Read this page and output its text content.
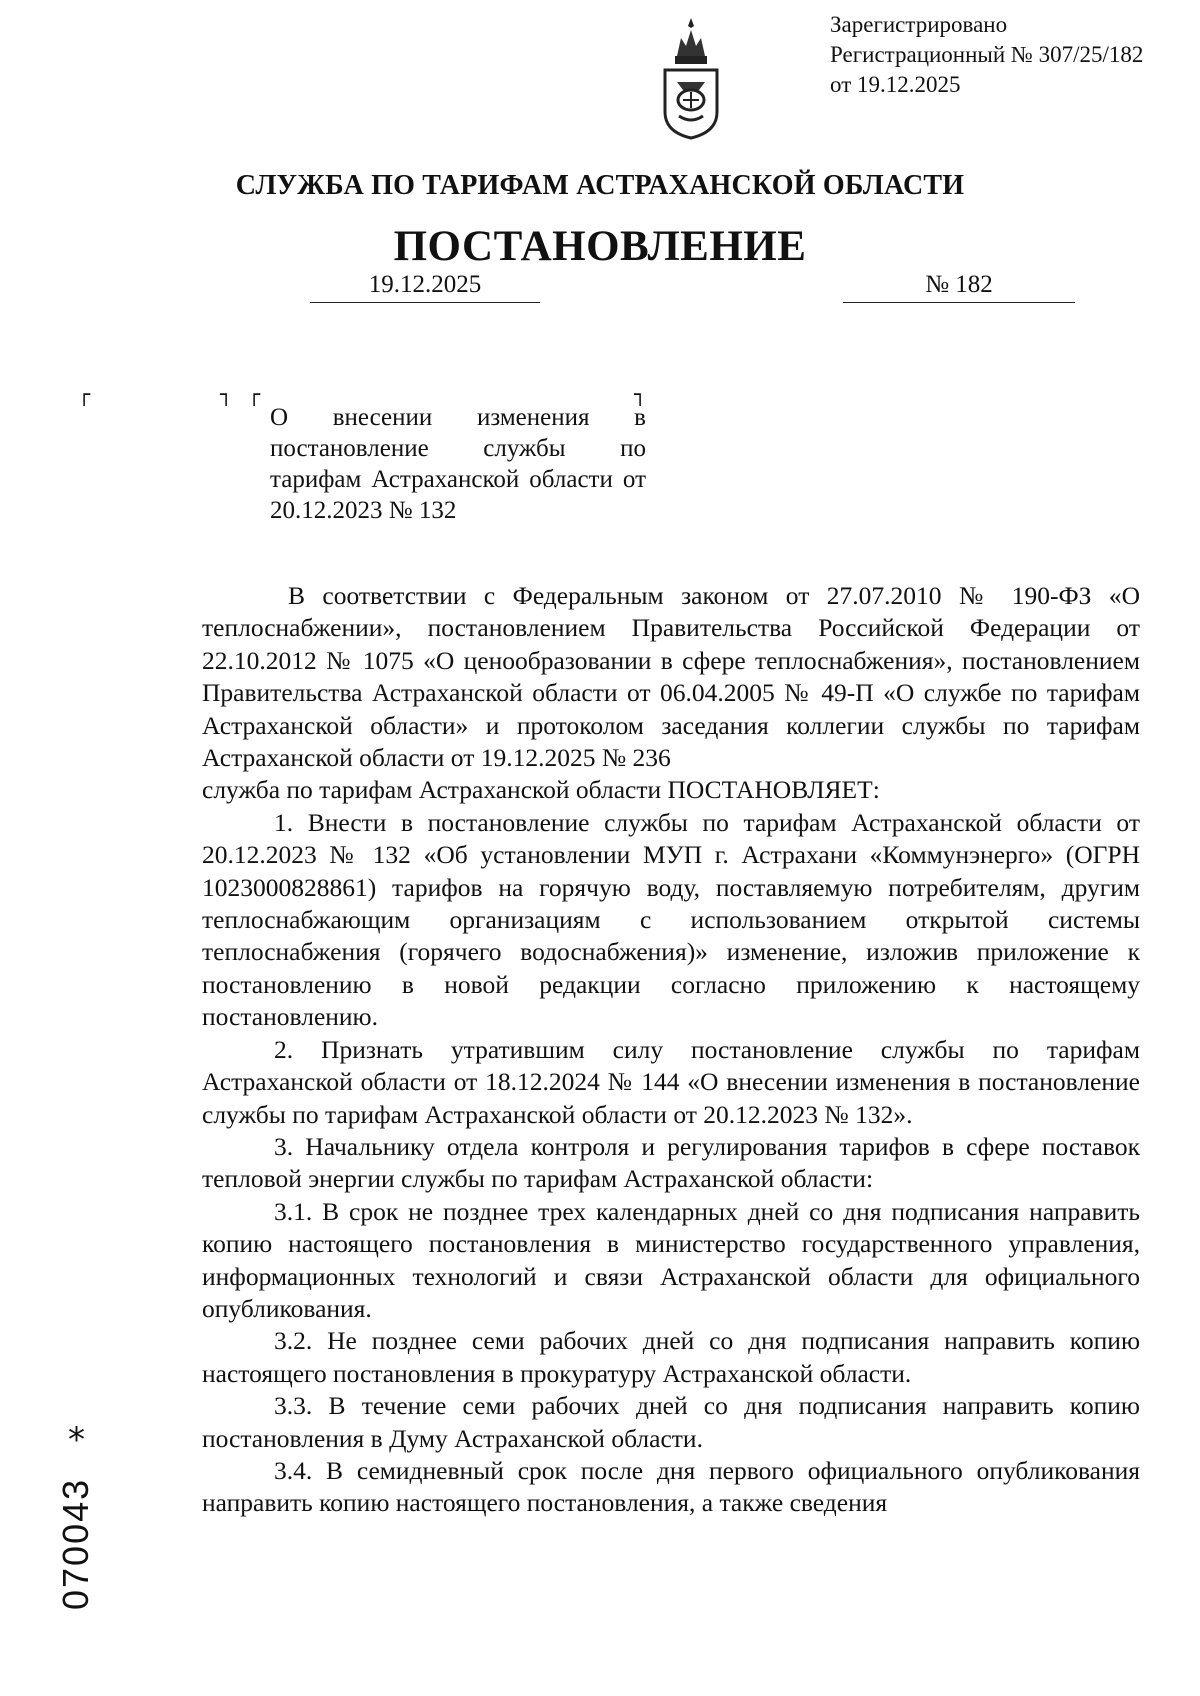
Зарегистрировано
Регистрационный № 307/25/182
от 19.12.2025
СЛУЖБА ПО ТАРИФАМ АСТРАХАНСКОЙ ОБЛАСТИ
ПОСТАНОВЛЕНИЕ
19.12.2025	№ 182
┌	┐ ┌	┐
О внесении изменения в постановление службы по тарифам Астраханской области от 20.12.2023 № 132

В соответствии с Федеральным законом от 27.07.2010 № 190-ФЗ «О теплоснабжении», постановлением Правительства Российской Федерации от 22.10.2012 № 1075 «О ценообразовании в сфере теплоснабжения», постановлением Правительства Астраханской области от 06.04.2005 № 49-П «О службе по тарифам Астраханской области» и протоколом заседания коллегии службы по тарифам Астраханской области от 19.12.2025 № 236

служба по тарифам Астраханской области ПОСТАНОВЛЯЕТ:

1. Внести в постановление службы по тарифам Астраханской области от 20.12.2023 № 132 «Об установлении МУП г. Астрахани «Коммунэнерго» (ОГРН 1023000828861) тарифов на горячую воду, поставляемую потребителям, другим теплоснабжающим организациям с использованием открытой системы теплоснабжения (горячего водоснабжения)» изменение, изложив приложение к постановлению в новой редакции согласно приложению к настоящему постановлению.

2. Признать утратившим силу постановление службы по тарифам Астраханской области от 18.12.2024 № 144 «О внесении изменения в постановление службы по тарифам Астраханской области от 20.12.2023 № 132».

3. Начальнику отдела контроля и регулирования тарифов в сфере поставок тепловой энергии службы по тарифам Астраханской области:

3.1. В срок не позднее трех календарных дней со дня подписания направить копию настоящего постановления в министерство государственного управления, информационных технологий и связи Астраханской области для официального опубликования.

3.2. Не позднее семи рабочих дней со дня подписания направить копию настоящего постановления в прокуратуру Астраханской области.

3.3. В течение семи рабочих дней со дня подписания направить копию постановления в Думу Астраханской области.

3.4. В семидневный срок после дня первого официального опубликования направить копию настоящего постановления, а также сведения

*
070043
